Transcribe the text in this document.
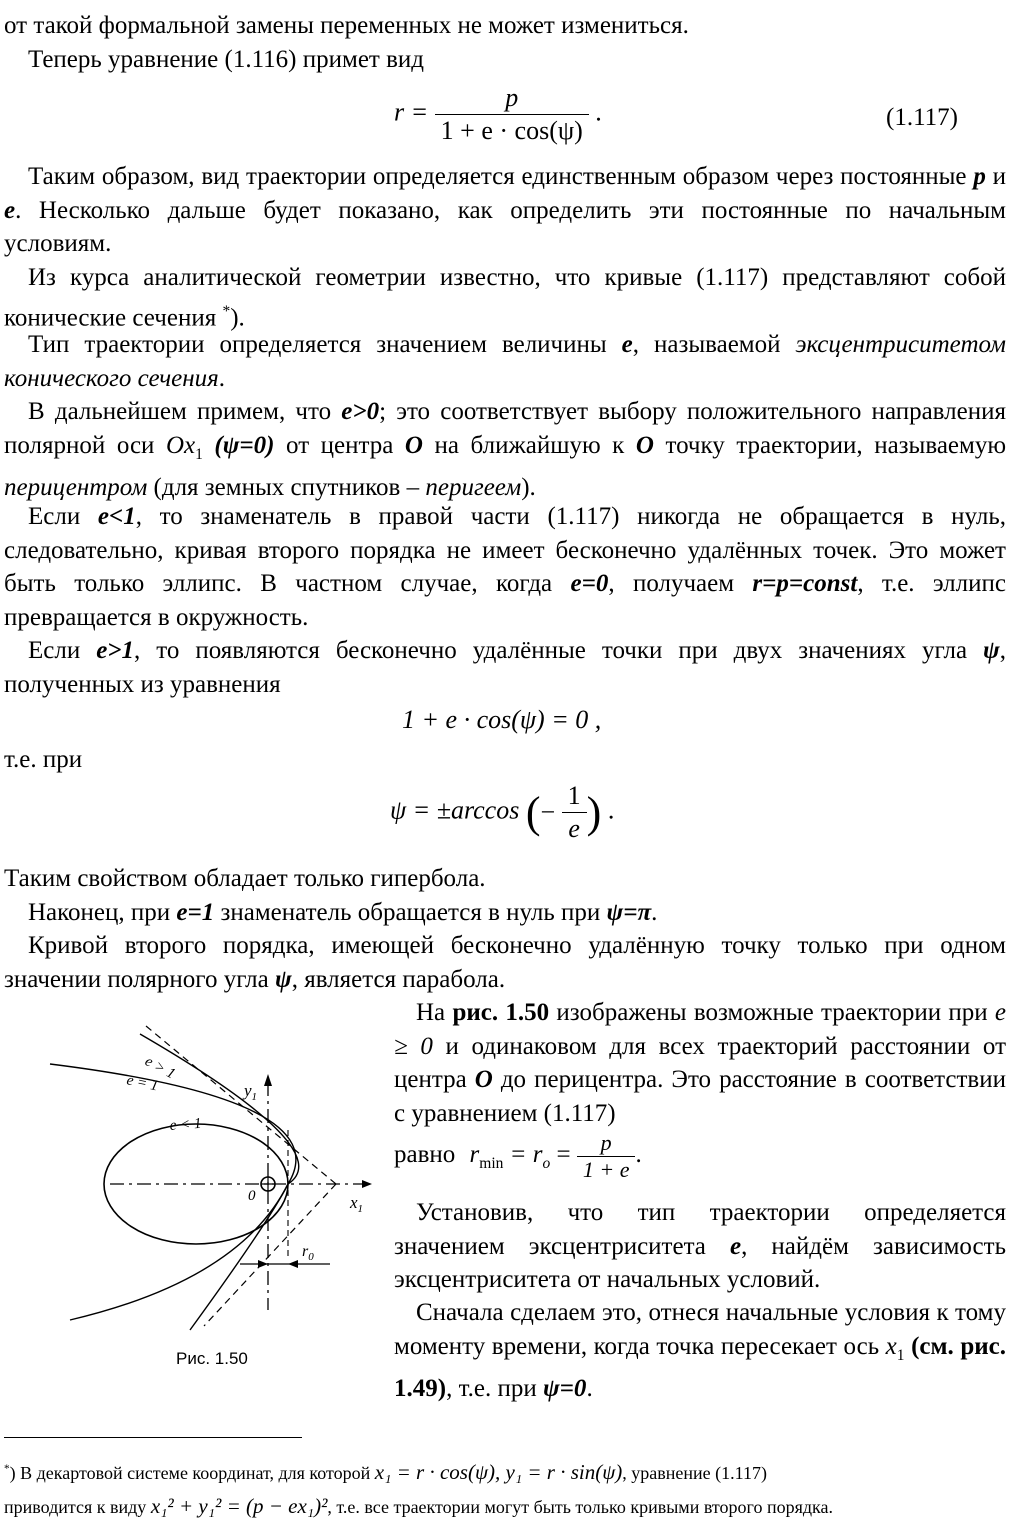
от такой формальной замены переменных не может измениться.
Теперь уравнение (1.116) примет вид
$r = \frac{p}{1 + e \cdot \cos(\psi)}$ .	(1.117)
Таким образом, вид траектории определяется единственным образом через постоянные p и e. Несколько дальше будет показано, как определить эти постоянные по начальным условиям.
Из курса аналитической геометрии известно, что кривые (1.117) представляют собой конические сечения *).
Тип траектории определяется значением величины e, называемой эксцентриситетом конического сечения.
В дальнейшем примем, что e>0; это соответствует выбору положительного направления полярной оси $Ox_1$ (ψ=0) от центра O на ближайшую к O точку траектории, называемую перицентром (для земных спутников – перигеем).
Если e<1, то знаменатель в правой части (1.117) никогда не обращается в нуль, следовательно, кривая второго порядка не имеет бесконечно удалённых точек. Это может быть только эллипс. В частном случае, когда e=0, получаем r=p=const, т.е. эллипс превращается в окружность.
Если e>1, то появляются бесконечно удалённые точки при двух значениях угла ψ, полученных из уравнения
1 + e · cos(ψ) = 0 ,
т.е. при
ψ = ±arccos (− $\frac{1}{e}$ ) .
Таким свойством обладает только гипербола.
Наконец, при e=1 знаменатель обращается в нуль при ψ=π.
Кривой второго порядка, имеющей бесконечно удалённую точку только при одном значении полярного угла ψ, является парабола.
На рис. 1.50 изображены возможные траектории при e ≥ 0 и одинаковом для всех траекторий расстоянии от центра O до перицентра. Это расстояние в соответствии с уравнением (1.117)
равно $r_{min} = r_o = \frac{p}{1 + e}$ .
Установив, что тип траектории определяется значением эксцентриситета e, найдём зависимость эксцентриситета от начальных условий.
Сначала сделаем это, отнеся начальные условия к тому моменту времени, когда точка пересекает ось $x_1$ (см. рис. 1.49), т.е. при ψ=0.
e > 1
e = 1
e < 1
$y_1$
$x_1$
0
$r_0$
Рис. 1.50
*) В декартовой системе координат, для которой x₁ = r · cos(ψ), y₁ = r · sin(ψ), уравнение (1.117)
приводится к виду x₁² + y₁² = (p − ex₁)², т.е. все траектории могут быть только кривыми второго порядка.
